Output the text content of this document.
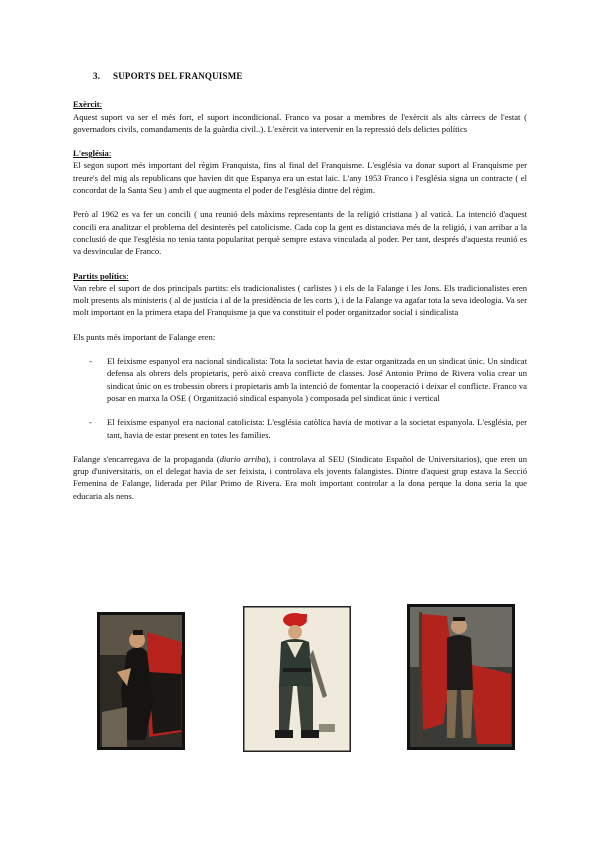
3. SUPORTS DEL FRANQUISME
Exèrcit:

Aquest suport va ser el més fort, el suport incondicional. Franco va posar a membres de l'exèrcit als alts càrrecs de l'estat ( governadors civils, comandaments de la guàrdia civil..). L'exèrcit va intervenir en la repressió dels delictes polítics

L'església:

El segon suport més important del règim Franquista, fins al final del Franquisme. L'església va donar suport al Franquisme per treure's del mig als republicans que havien dit que Espanya era un estat laic. L'any 1953 Franco i l'església signa un contracte ( el concordat de la Santa Seu ) amb el que augmenta el poder de l'església dintre del règim.

Però al 1962 es va fer un concili ( una reunió dels màxims representants de la religió cristiana ) al vaticà. La intenció d'aquest concili era analitzar el problema del desinterès pel catolicisme. Cada cop la gent es distanciava més de la religió, i van arribar a la conclusió de que l'església no tenia tanta popularitat perquè sempre estava vinculada al poder. Per tant, després d'aquesta reunió es va desvincular de Franco.

Partits polítics:

Van rebre el suport de dos principals partits: els tradicionalistes ( carlistes ) i els de la Falange i les Jons. Els tradicionalistes eren molt presents als ministeris ( al de justícia i al de la presidència de les corts ), i de la Falange va agafar tota la seva ideologia. Va ser molt important en la primera etapa del Franquisme ja que va constituir el poder organitzador social i sindicalista

Els punts més important de Falange eren:

- El feixisme espanyol era nacional sindicalista: Tota la societat havia de estar organitzada en un sindicat únic. Un sindicat defensa als obrers dels propietaris, però això creava conflicte de classes. José Antonio Primo de Rivera volia crear un sindicat únic on es trobessin obrers i propietaris amb la intenció de fomentar la cooperació i deixar el conflicte. Franco va posar en marxa la OSE ( Organització sindical espanyola ) composada pel sindicat únic i vertical
- El feixisme espanyol era nacional catolicista: L'església catòlica havia de motivar a la societat espanyola. L'església, per tant, havia de estar present en totes les famílies.

Falange s'encarregava de la propaganda (diario arriba), i controlava al SEU (Sindicato Español de Universitarios), que eren un grup d'universitaris, on el delegat havia de ser feixista, i controlava els jovents falangistes. Dintre d'aquest grup estava la Secció Femenina de Falange, liderada per Pilar Primo de Rivera. Era molt important controlar a la dona perque la dona seria la que educaria als nens.
